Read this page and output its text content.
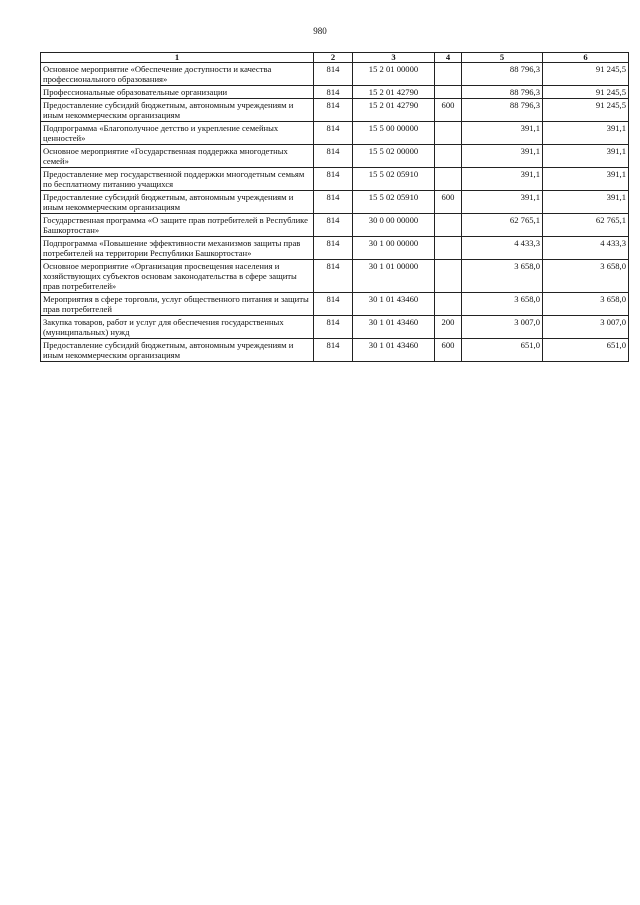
980
1	2	3	4	5	6
Основное мероприятие «Обеспечение доступности и качества профессионального образования»	814	15 2 01 00000		88 796,3	91 245,5
Профессиональные образовательные организации	814	15 2 01 42790		88 796,3	91 245,5
Предоставление субсидий бюджетным, автономным учреждениям и иным некоммерческим организациям	814	15 2 01 42790	600	88 796,3	91 245,5
Подпрограмма «Благополучное детство и укрепление семейных ценностей»	814	15 5 00 00000		391,1	391,1
Основное мероприятие «Государственная поддержка многодетных семей»	814	15 5 02 00000		391,1	391,1
Предоставление мер государственной поддержки многодетным семьям по бесплатному питанию учащихся	814	15 5 02 05910		391,1	391,1
Предоставление субсидий бюджетным, автономным учреждениям и иным некоммерческим организациям	814	15 5 02 05910	600	391,1	391,1
Государственная программа «О защите прав потребителей в Республике Башкортостан»	814	30 0 00 00000		62 765,1	62 765,1
Подпрограмма «Повышение эффективности механизмов защиты прав потребителей на территории Республики Башкортостан»	814	30 1 00 00000		4 433,3	4 433,3
Основное мероприятие «Организация просвещения населения и хозяйствующих субъектов основам законодательства в сфере защиты прав потребителей»	814	30 1 01 00000		3 658,0	3 658,0
Мероприятия в сфере торговли, услуг общественного питания и защиты прав потребителей	814	30 1 01 43460		3 658,0	3 658,0
Закупка товаров, работ и услуг для обеспечения государственных (муниципальных) нужд	814	30 1 01 43460	200	3 007,0	3 007,0
Предоставление субсидий бюджетным, автономным учреждениям и иным некоммерческим организациям	814	30 1 01 43460	600	651,0	651,0
